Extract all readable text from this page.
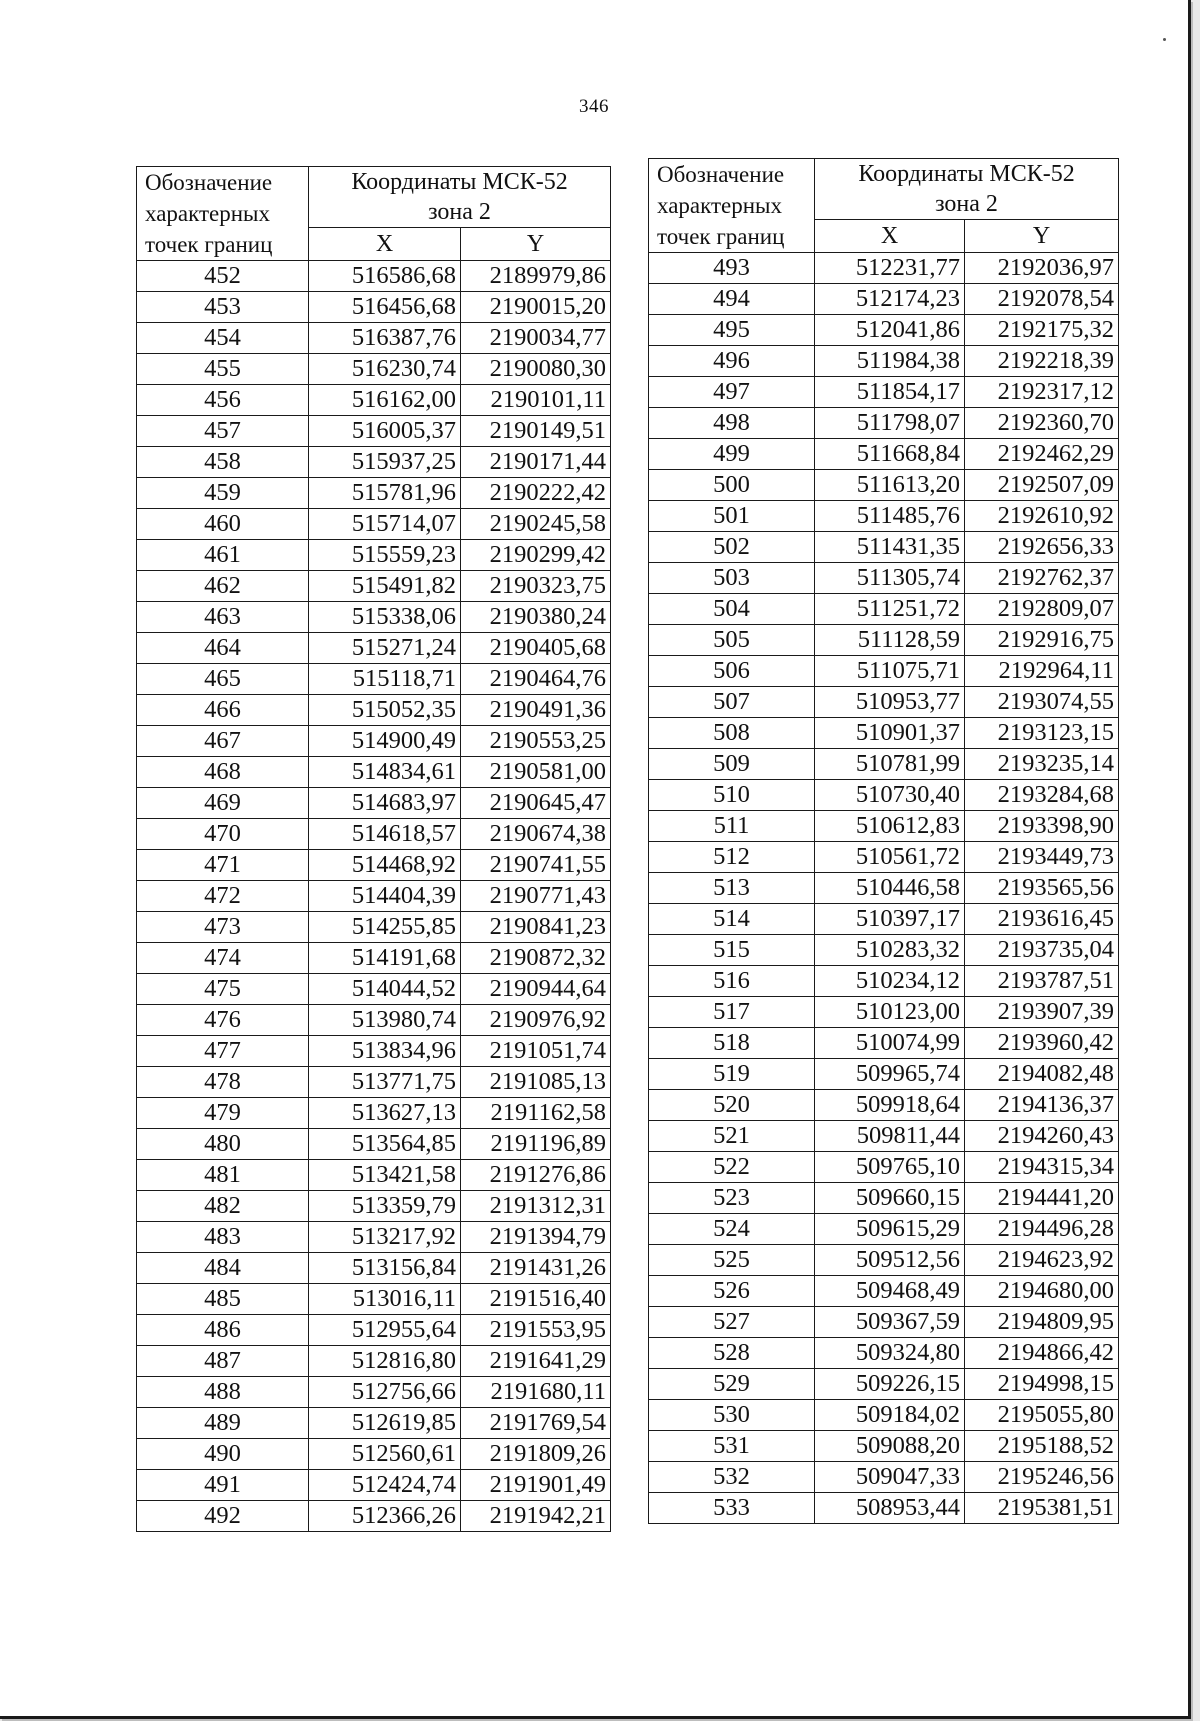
346
Обозначение
характерных
точек границ	Координаты МСК-52
зона 2	
	X	Y
452	516586,68	2189979,86
453	516456,68	2190015,20
454	516387,76	2190034,77
455	516230,74	2190080,30
456	516162,00	2190101,11
457	516005,37	2190149,51
458	515937,25	2190171,44
459	515781,96	2190222,42
460	515714,07	2190245,58
461	515559,23	2190299,42
462	515491,82	2190323,75
463	515338,06	2190380,24
464	515271,24	2190405,68
465	515118,71	2190464,76
466	515052,35	2190491,36
467	514900,49	2190553,25
468	514834,61	2190581,00
469	514683,97	2190645,47
470	514618,57	2190674,38
471	514468,92	2190741,55
472	514404,39	2190771,43
473	514255,85	2190841,23
474	514191,68	2190872,32
475	514044,52	2190944,64
476	513980,74	2190976,92
477	513834,96	2191051,74
478	513771,75	2191085,13
479	513627,13	2191162,58
480	513564,85	2191196,89
481	513421,58	2191276,86
482	513359,79	2191312,31
483	513217,92	2191394,79
484	513156,84	2191431,26
485	513016,11	2191516,40
486	512955,64	2191553,95
487	512816,80	2191641,29
488	512756,66	2191680,11
489	512619,85	2191769,54
490	512560,61	2191809,26
491	512424,74	2191901,49
492	512366,26	2191942,21
Обозначение
характерных
точек границ	Координаты МСК-52
зона 2	
	X	Y
493	512231,77	2192036,97
494	512174,23	2192078,54
495	512041,86	2192175,32
496	511984,38	2192218,39
497	511854,17	2192317,12
498	511798,07	2192360,70
499	511668,84	2192462,29
500	511613,20	2192507,09
501	511485,76	2192610,92
502	511431,35	2192656,33
503	511305,74	2192762,37
504	511251,72	2192809,07
505	511128,59	2192916,75
506	511075,71	2192964,11
507	510953,77	2193074,55
508	510901,37	2193123,15
509	510781,99	2193235,14
510	510730,40	2193284,68
511	510612,83	2193398,90
512	510561,72	2193449,73
513	510446,58	2193565,56
514	510397,17	2193616,45
515	510283,32	2193735,04
516	510234,12	2193787,51
517	510123,00	2193907,39
518	510074,99	2193960,42
519	509965,74	2194082,48
520	509918,64	2194136,37
521	509811,44	2194260,43
522	509765,10	2194315,34
523	509660,15	2194441,20
524	509615,29	2194496,28
525	509512,56	2194623,92
526	509468,49	2194680,00
527	509367,59	2194809,95
528	509324,80	2194866,42
529	509226,15	2194998,15
530	509184,02	2195055,80
531	509088,20	2195188,52
532	509047,33	2195246,56
533	508953,44	2195381,51
